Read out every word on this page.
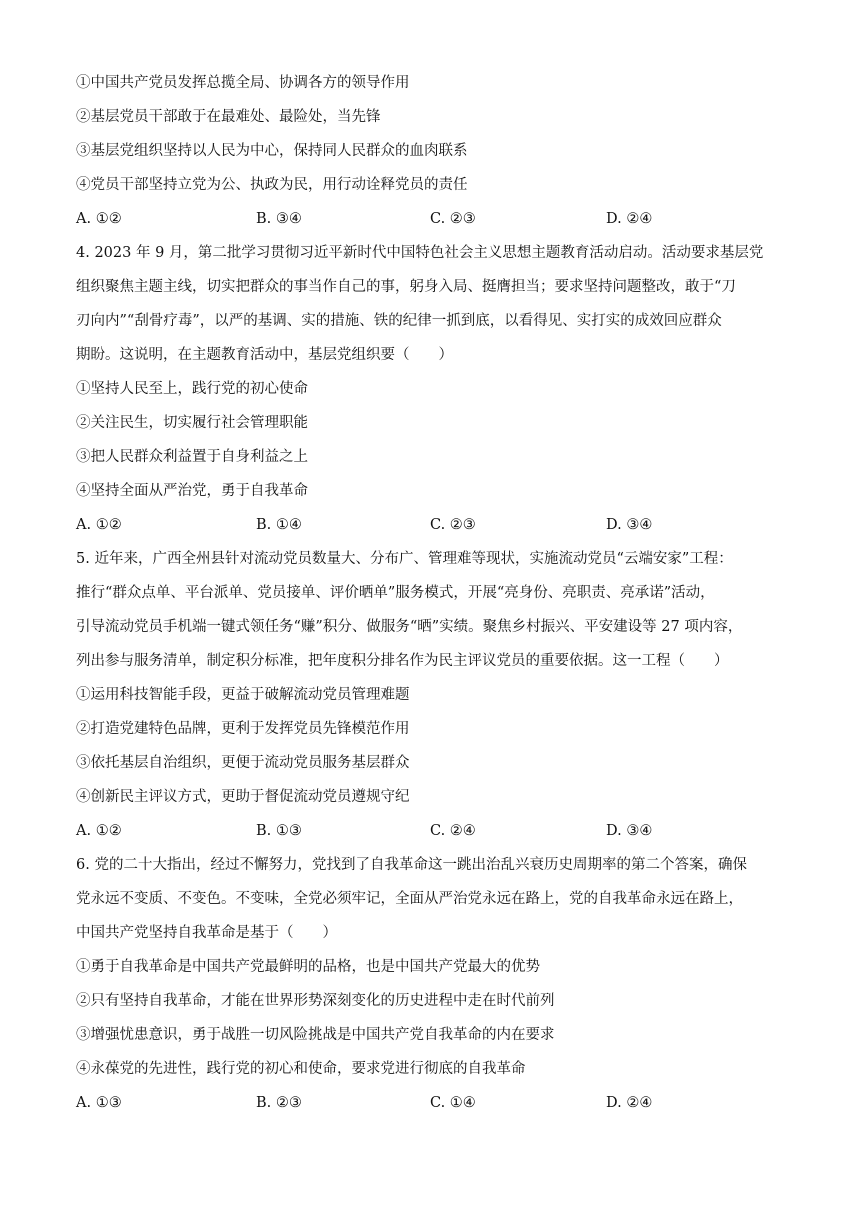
①中国共产党员发挥总揽全局、协调各方的领导作用
②基层党员干部敢于在最难处、最险处，当先锋
③基层党组织坚持以人民为中心，保持同人民群众的血肉联系
④党员干部坚持立党为公、执政为民，用行动诠释党员的责任
A. ①②	B. ③④	C. ②③	D. ②④
4. 2023 年 9 月，第二批学习贯彻习近平新时代中国特色社会主义思想主题教育活动启动。活动要求基层党
组织聚焦主题主线，切实把群众的事当作自己的事，躬身入局、挺膺担当；要求坚持问题整改，敢于“刀
刃向内”“刮骨疗毒”，以严的基调、实的措施、铁的纪律一抓到底，以看得见、实打实的成效回应群众
期盼。这说明，在主题教育活动中，基层党组织要（　　）
①坚持人民至上，践行党的初心使命
②关注民生，切实履行社会管理职能
③把人民群众利益置于自身利益之上
④坚持全面从严治党，勇于自我革命
A. ①②	B. ①④	C. ②③	D. ③④
5. 近年来，广西全州县针对流动党员数量大、分布广、管理难等现状，实施流动党员“云端安家”工程：
推行“群众点单、平台派单、党员接单、评价晒单”服务模式，开展“亮身份、亮职责、亮承诺”活动，
引导流动党员手机端一键式领任务“赚”积分、做服务“晒”实绩。聚焦乡村振兴、平安建设等 27 项内容，
列出参与服务清单，制定积分标准，把年度积分排名作为民主评议党员的重要依据。这一工程（　　）
①运用科技智能手段，更益于破解流动党员管理难题
②打造党建特色品牌，更利于发挥党员先锋模范作用
③依托基层自治组织，更便于流动党员服务基层群众
④创新民主评议方式，更助于督促流动党员遵规守纪
A. ①②	B. ①③	C. ②④	D. ③④
6. 党的二十大指出，经过不懈努力，党找到了自我革命这一跳出治乱兴衰历史周期率的第二个答案，确保
党永远不变质、不变色。不变味，全党必须牢记，全面从严治党永远在路上，党的自我革命永远在路上，
中国共产党坚持自我革命是基于（　　）
①勇于自我革命是中国共产党最鲜明的品格，也是中国共产党最大的优势
②只有坚持自我革命，才能在世界形势深刻变化的历史进程中走在时代前列
③增强忧患意识，勇于战胜一切风险挑战是中国共产党自我革命的内在要求
④永葆党的先进性，践行党的初心和使命，要求党进行彻底的自我革命
A. ①③	B. ②③	C. ①④	D. ②④
